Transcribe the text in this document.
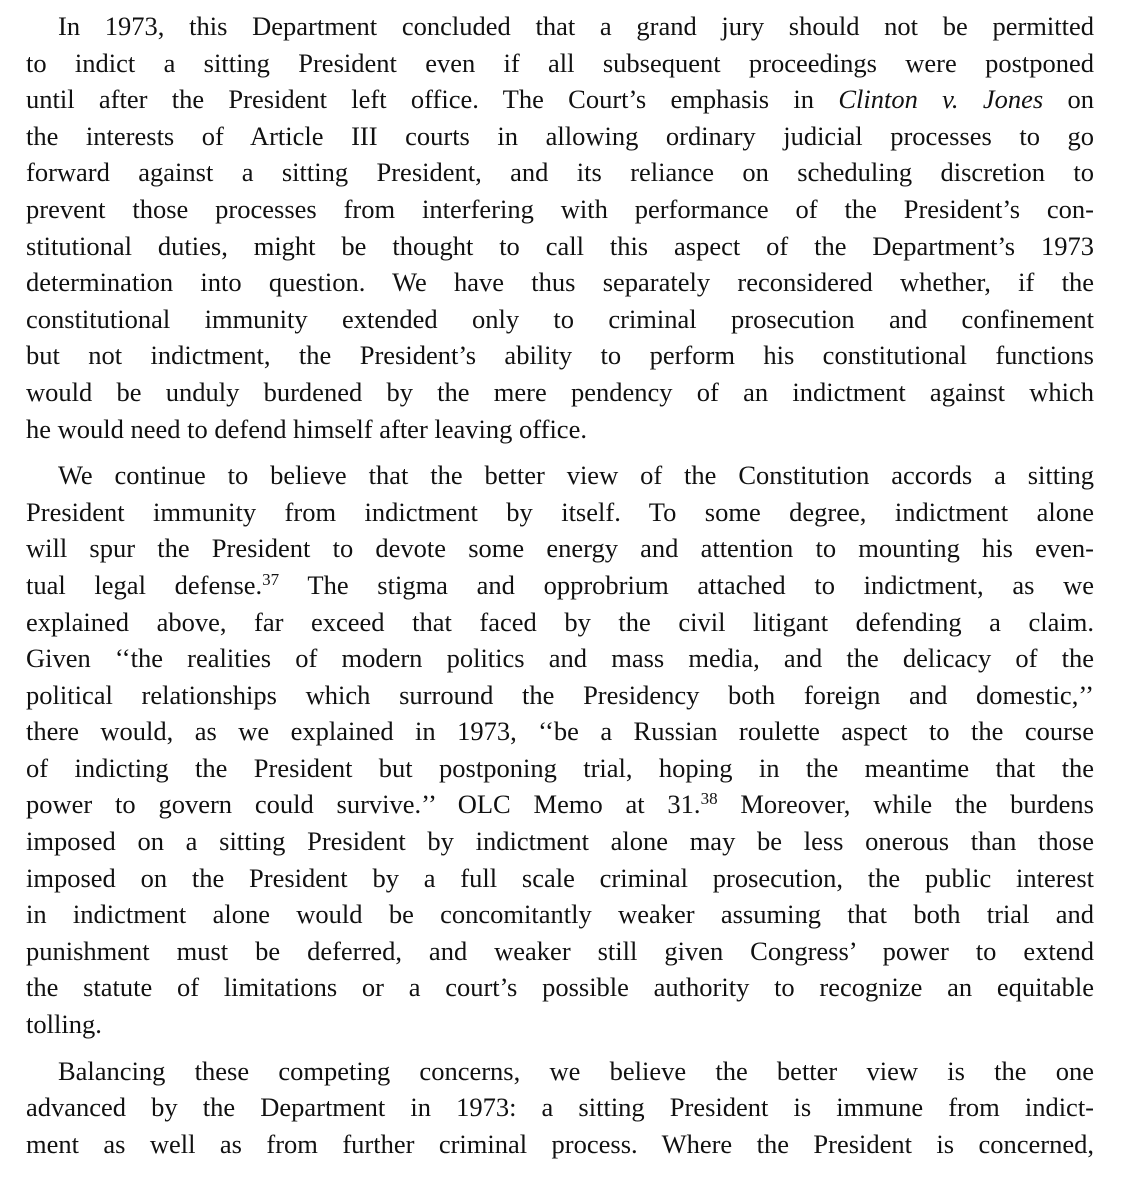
In 1973, this Department concluded that a grand jury should not be permitted
to indict a sitting President even if all subsequent proceedings were postponed
until after the President left office. The Court’s emphasis in Clinton v. Jones on
the interests of Article III courts in allowing ordinary judicial processes to go
forward against a sitting President, and its reliance on scheduling discretion to
prevent those processes from interfering with performance of the President’s con-
stitutional duties, might be thought to call this aspect of the Department’s 1973
determination into question. We have thus separately reconsidered whether, if the
constitutional immunity extended only to criminal prosecution and confinement
but not indictment, the President’s ability to perform his constitutional functions
would be unduly burdened by the mere pendency of an indictment against which
he would need to defend himself after leaving office.
We continue to believe that the better view of the Constitution accords a sitting
President immunity from indictment by itself. To some degree, indictment alone
will spur the President to devote some energy and attention to mounting his even-
tual legal defense.$^{37}$ The stigma and opprobrium attached to indictment, as we
explained above, far exceed that faced by the civil litigant defending a claim.
Given ‘‘the realities of modern politics and mass media, and the delicacy of the
political relationships which surround the Presidency both foreign and domestic,’’
there would, as we explained in 1973, ‘‘be a Russian roulette aspect to the course
of indicting the President but postponing trial, hoping in the meantime that the
power to govern could survive.’’ OLC Memo at 31.38 Moreover, while the burdens
imposed on a sitting President by indictment alone may be less onerous than those
imposed on the President by a full scale criminal prosecution, the public interest
in indictment alone would be concomitantly weaker assuming that both trial and
punishment must be deferred, and weaker still given Congress’ power to extend
the statute of limitations or a court’s possible authority to recognize an equitable
tolling.
Balancing these competing concerns, we believe the better view is the one
advanced by the Department in 1973: a sitting President is immune from indict-
ment as well as from further criminal process. Where the President is concerned,
